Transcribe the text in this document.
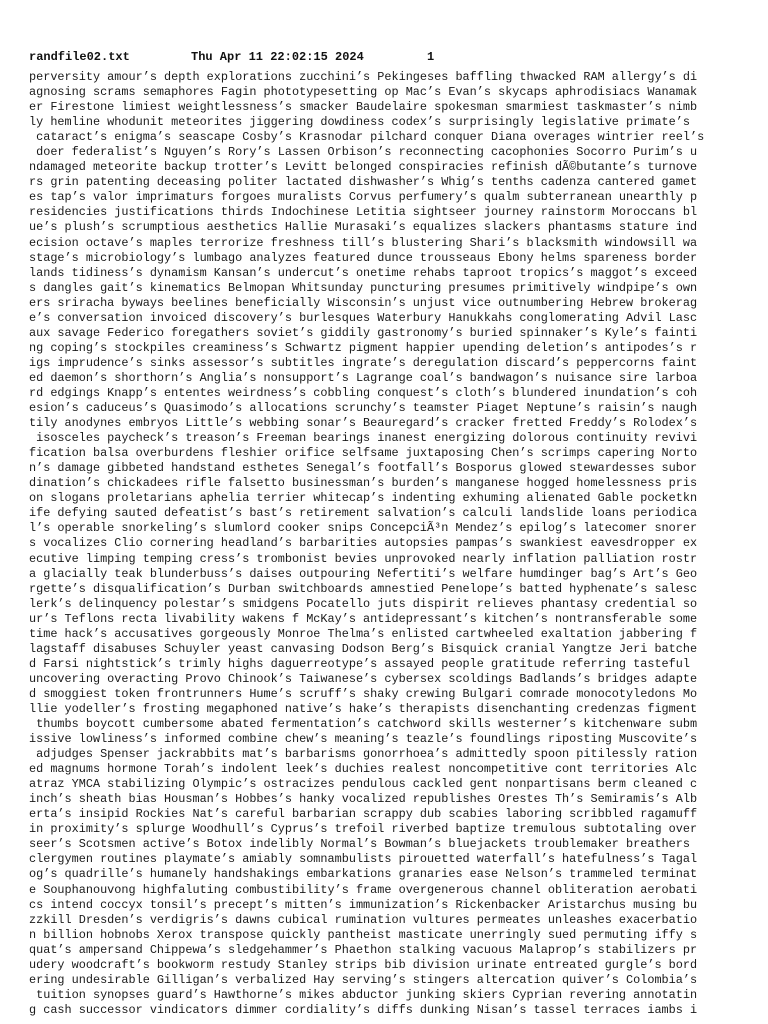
randfile02.txt

	Thu Apr 11 22:02:15 2024

	1

perversity amour’s depth explorations zucchini’s Pekingeses baffling thwacked RAM allergy’s di
agnosing scrams semaphores Fagin phototypesetting op Mac’s Evan’s skycaps aphrodisiacs Wanamak
er Firestone limiest weightlessness’s smacker Baudelaire spokesman smarmiest taskmaster’s nimb
ly hemline whodunit meteorites jiggering dowdiness codex’s surprisingly legislative primate’s
cataract’s enigma’s seascape Cosby’s Krasnodar pilchard conquer Diana overages wintrier reel’s
doer federalist’s Nguyen’s Rory’s Lassen Orbison’s reconnecting cacophonies Socorro Purim’s u
ndamaged meteorite backup trotter’s Levitt belonged conspiracies refinish dÃ©butante’s turnove
rs grin patenting deceasing politer lactated dishwasher’s Whig’s tenths cadenza cantered gamet
es tap’s valor imprimaturs forgoes muralists Corvus perfumery’s qualm subterranean unearthly p
residencies justifications thirds Indochinese Letitia sightseer journey rainstorm Moroccans bl
ue’s plush’s scrumptious aesthetics Hallie Murasaki’s equalizes slackers phantasms stature ind
ecision octave’s maples terrorize freshness till’s blustering Shari’s blacksmith windowsill wa
stage’s microbiology’s lumbago analyzes featured dunce trousseaus Ebony helms spareness border
lands tidiness’s dynamism Kansan’s undercut’s onetime rehabs taproot tropics’s maggot’s exceed
s dangles gait’s kinematics Belmopan Whitsunday puncturing presumes primitively windpipe’s own
ers sriracha byways beelines beneficially Wisconsin’s unjust vice outnumbering Hebrew brokerag
e’s conversation invoiced discovery’s burlesques Waterbury Hanukkahs conglomerating Advil Lasc
aux savage Federico foregathers soviet’s giddily gastronomy’s buried spinnaker’s Kyle’s fainti
ng coping’s stockpiles creaminess’s Schwartz pigment happier upending deletion’s antipodes’s r
igs imprudence’s sinks assessor’s subtitles ingrate’s deregulation discard’s peppercorns faint
ed daemon’s shorthorn’s Anglia’s nonsupport’s Lagrange coal’s bandwagon’s nuisance sire larboa
rd edgings Knapp’s ententes weirdness’s cobbling conquest’s cloth’s blundered inundation’s coh
esion’s caduceus’s Quasimodo’s allocations scrunchy’s teamster Piaget Neptune’s raisin’s naugh
tily anodynes embryos Little’s webbing sonar’s Beauregard’s cracker fretted Freddy’s Rolodex’s
isosceles paycheck’s treason’s Freeman bearings inanest energizing dolorous continuity revivi
fication balsa overburdens fleshier orifice selfsame juxtaposing Chen’s scrimps capering Norto
n’s damage gibbeted handstand esthetes Senegal’s footfall’s Bosporus glowed stewardesses subor
dination’s chickadees rifle falsetto businessman’s burden’s manganese hogged homelessness pris
on slogans proletarians aphelia terrier whitecap’s indenting exhuming alienated Gable pocketkn
ife defying sauted defeatist’s bast’s retirement salvation’s calculi landslide loans periodica
l’s operable snorkeling’s slumlord cooker snips ConcepciÃ³n Mendez’s epilog’s latecomer snorer
s vocalizes Clio cornering headland’s barbarities autopsies pampas’s swankiest eavesdropper ex
ecutive limping temping cress’s trombonist bevies unprovoked nearly inflation palliation rostr
a glacially teak blunderbuss’s daises outpouring Nefertiti’s welfare humdinger bag’s Art’s Geo
rgette’s disqualification’s Durban switchboards amnestied Penelope’s batted hyphenate’s salesc
lerk’s delinquency polestar’s smidgens Pocatello juts dispirit relieves phantasy credential so
ur’s Teflons recta livability wakens f McKay’s antidepressant’s kitchen’s nontransferable some
time hack’s accusatives gorgeously Monroe Thelma’s enlisted cartwheeled exaltation jabbering f
lagstaff disabuses Schuyler yeast canvasing Dodson Berg’s Bisquick cranial Yangtze Jeri batche
d Farsi nightstick’s trimly highs daguerreotype’s assayed people gratitude referring tasteful
uncovering overacting Provo Chinook’s Taiwanese’s cybersex scoldings Badlands’s bridges adapte
d smoggiest token frontrunners Hume’s scruff’s shaky crewing Bulgari comrade monocotyledons Mo
llie yodeller’s frosting megaphoned native’s hake’s therapists disenchanting credenzas figment
thumbs boycott cumbersome abated fermentation’s catchword skills westerner’s kitchenware subm
issive lowliness’s informed combine chew’s meaning’s teazle’s foundlings riposting Muscovite’s
adjudges Spenser jackrabbits mat’s barbarisms gonorrhoea’s admittedly spoon pitilessly ration
ed magnums hormone Torah’s indolent leek’s duchies realest noncompetitive cont territories Alc
atraz YMCA stabilizing Olympic’s ostracizes pendulous cackled gent nonpartisans berm cleaned c
inch’s sheath bias Housman’s Hobbes’s hanky vocalized republishes Orestes Th’s Semiramis’s Alb
erta’s insipid Rockies Nat’s careful barbarian scrappy dub scabies laboring scribbled ragamuff
in proximity’s splurge Woodhull’s Cyprus’s trefoil riverbed baptize tremulous subtotaling over
seer’s Scotsmen active’s Botox indelibly Normal’s Bowman’s bluejackets troublemaker breathers
clergymen routines playmate’s amiably somnambulists pirouetted waterfall’s hatefulness’s Tagal
og’s quadrille’s humanely handshakings embarkations granaries ease Nelson’s trammeled terminat
e Souphanouvong highfaluting combustibility’s frame overgenerous channel obliteration aerobati
cs intend coccyx tonsil’s precept’s mitten’s immunization’s Rickenbacker Aristarchus musing bu
zzkill Dresden’s verdigris’s dawns cubical rumination vultures permeates unleashes exacerbatio
n billion hobnobs Xerox transpose quickly pantheist masticate unerringly sued permuting iffy s
quat’s ampersand Chippewa’s sledgehammer’s Phaethon stalking vacuous Malaprop’s stabilizers pr
udery woodcraft’s bookworm restudy Stanley strips bib division urinate entreated gurgle’s bord
ering undesirable Gilligan’s verbalized Hay serving’s stingers altercation quiver’s Colombia’s
tuition synopses guard’s Hawthorne’s mikes abductor junking skiers Cyprian revering annotatin
g cash successor vindicators dimmer cordiality’s diffs dunking Nisan’s tassel terraces iambs i
